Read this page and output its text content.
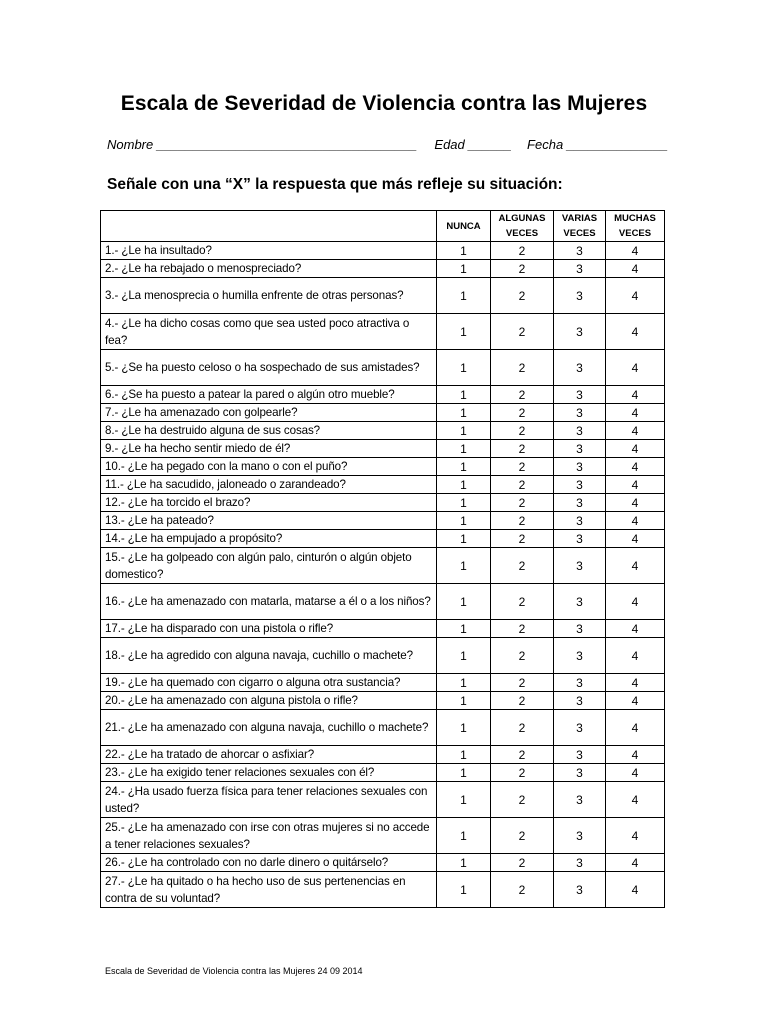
Escala de Severidad de Violencia contra las Mujeres
Nombre ____________________________________ Edad ______ Fecha ______________
Señale con una “X” la respuesta que más refleje su situación:
	NUNCA	ALGUNAS VECES	VARIAS VECES	MUCHAS VECES
1.- ¿Le ha insultado?	1	2	3	4
2.- ¿Le ha rebajado o menospreciado?	1	2	3	4
3.- ¿La menosprecia o humilla enfrente de otras personas?	1	2	3	4
4.- ¿Le ha dicho cosas como que sea usted poco atractiva o fea?	1	2	3	4
5.- ¿Se ha puesto celoso o ha sospechado de sus amistades?	1	2	3	4
6.- ¿Se ha puesto a patear la pared o algún otro mueble?	1	2	3	4
7.- ¿Le ha amenazado con golpearle?	1	2	3	4
8.- ¿Le ha destruido alguna de sus cosas?	1	2	3	4
9.- ¿Le ha hecho sentir miedo de él?	1	2	3	4
10.- ¿Le ha pegado con la mano o con el puño?	1	2	3	4
11.- ¿Le ha sacudido, jaloneado o zarandeado?	1	2	3	4
12.- ¿Le ha torcido el brazo?	1	2	3	4
13.- ¿Le ha pateado?	1	2	3	4
14.- ¿Le ha empujado a propósito?	1	2	3	4
15.- ¿Le ha golpeado con algún palo, cinturón o algún objeto domestico?	1	2	3	4
16.- ¿Le ha amenazado con matarla, matarse a él o a los niños?	1	2	3	4
17.- ¿Le ha disparado con una pistola o rifle?	1	2	3	4
18.- ¿Le ha agredido con alguna navaja, cuchillo o machete?	1	2	3	4
19.- ¿Le ha quemado con cigarro o alguna otra sustancia?	1	2	3	4
20.- ¿Le ha amenazado con alguna pistola o rifle?	1	2	3	4
21.- ¿Le ha amenazado con alguna navaja, cuchillo o machete?	1	2	3	4
22.- ¿Le ha tratado de ahorcar o asfixiar?	1	2	3	4
23.- ¿Le ha exigido tener relaciones sexuales con él?	1	2	3	4
24.- ¿Ha usado fuerza física para tener relaciones sexuales con usted?	1	2	3	4
25.- ¿Le ha amenazado con irse con otras mujeres si no accede a tener relaciones sexuales?	1	2	3	4
26.- ¿Le ha controlado con no darle dinero o quitárselo?	1	2	3	4
27.- ¿Le ha quitado o ha hecho uso de sus pertenencias en contra de su voluntad?	1	2	3	4
Escala de Severidad de Violencia contra las Mujeres 24 09 2014
